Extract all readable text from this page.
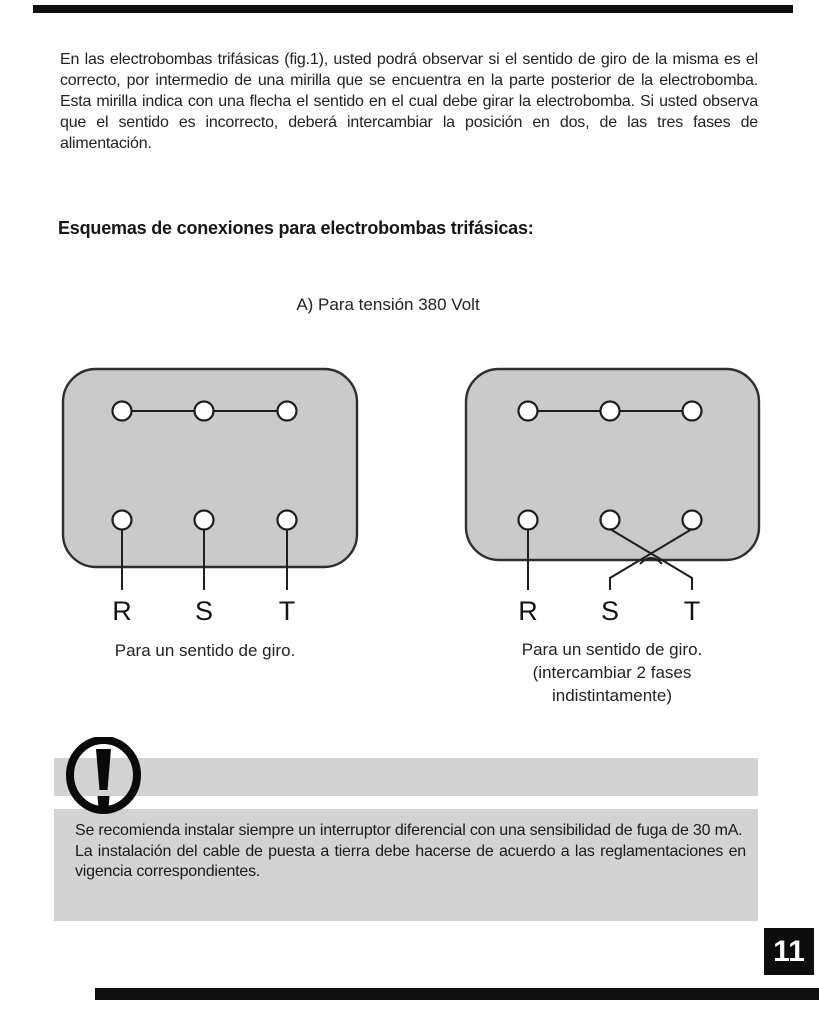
En las electrobombas trifásicas (fig.1), usted podrá observar si el sentido de giro de la misma es el correcto, por intermedio de una mirilla que se encuentra en la parte posterior de la electrobomba. Esta mirilla indica con una flecha el sentido en el cual debe girar la electrobomba. Si usted observa que el sentido es incorrecto, deberá intercambiar la posición en dos, de las tres fases de alimentación.
Esquemas de conexiones para electrobombas trifásicas:
A) Para tensión 380 Volt
R	S	T	R	S	T
Para un sentido de giro.	Para un sentido de giro.
(intercambiar 2 fases
indistintamente)

Se recomienda instalar siempre un interruptor diferencial con una sensibilidad de fuga de 30 mA.

La instalación del cable de puesta a tierra debe hacerse de acuerdo a las reglamentaciones en vigencia correspondientes.

11
